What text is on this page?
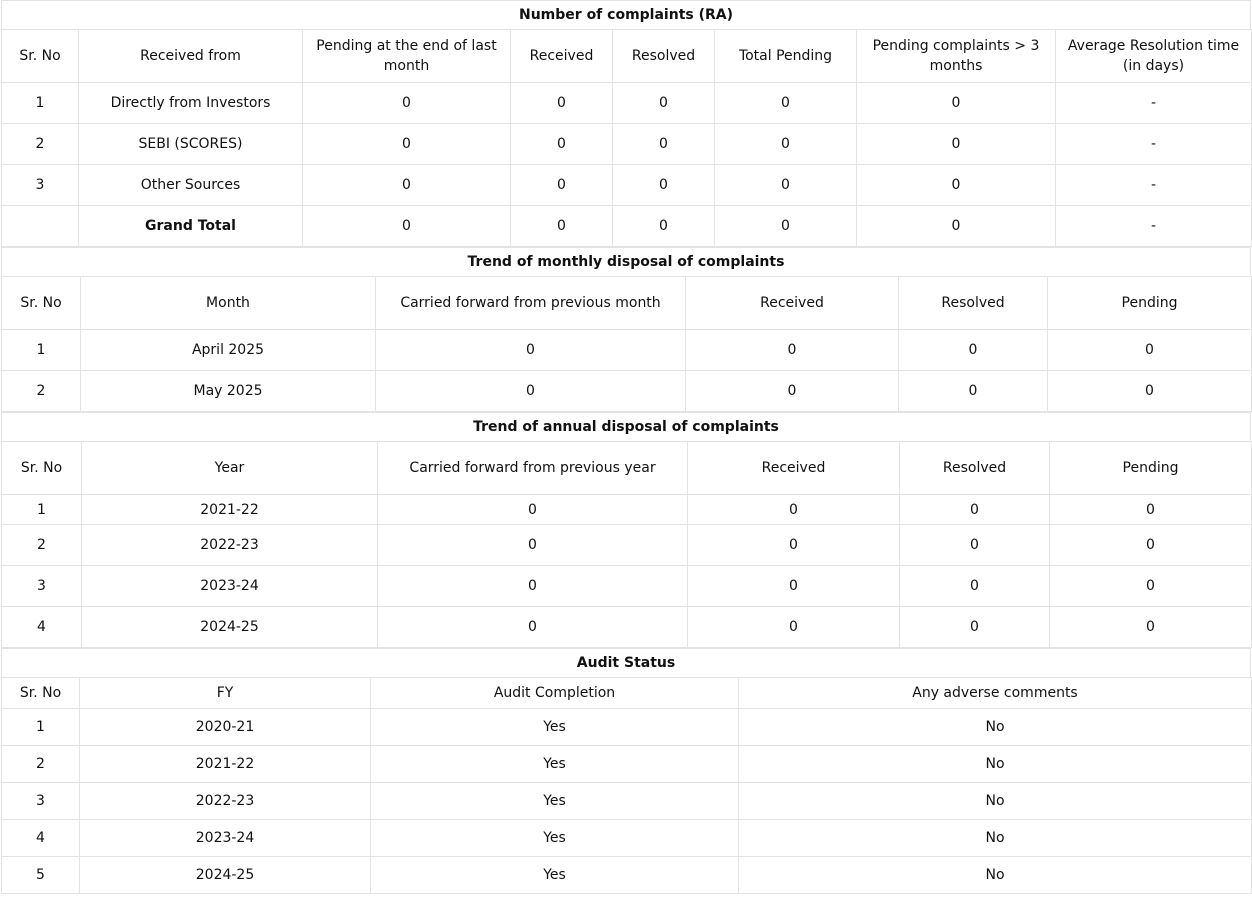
Number of complaints (RA)
Sr. No	Received from	Pending at the end of last month	Received	Resolved	Total Pending	Pending complaints > 3 months	Average Resolution time (in days)
1	Directly from Investors	0	0	0	0	0	-
2	SEBI (SCORES)	0	0	0	0	0	-
3	Other Sources	0	0	0	0	0	-
	Grand Total	0	0	0	0	0	-
Trend of monthly disposal of complaints
Sr. No	Month	Carried forward from previous month	Received	Resolved	Pending
1	April 2025	0	0	0	0
2	May 2025	0	0	0	0
Trend of annual disposal of complaints
Sr. No	Year	Carried forward from previous year	Received	Resolved	Pending
1	2021-22	0	0	0	0
2	2022-23	0	0	0	0
3	2023-24	0	0	0	0
4	2024-25	0	0	0	0
Audit Status
Sr. No	FY	Audit Completion	Any adverse comments
1	2020-21	Yes	No
2	2021-22	Yes	No
3	2022-23	Yes	No
4	2023-24	Yes	No
5	2024-25	Yes	No
